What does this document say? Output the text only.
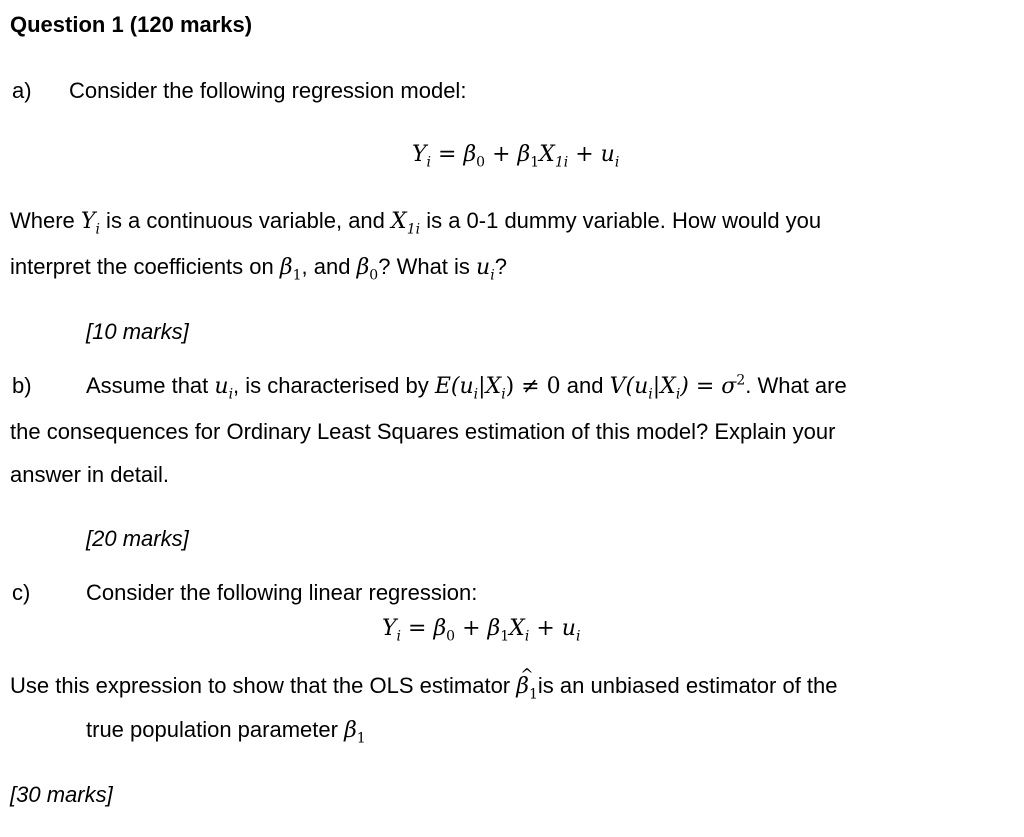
Question 1 (120 marks)
a) Consider the following regression model:
$Y_i = \beta_0 + \beta_1X_{1i} + u_i$
Where $Y_i$ is a continuous variable, and $X_{1i}$ is a 0-1 dummy variable. How would you
interpret the coefficients on $\beta_1$, and $\beta_0$? What is $u_i$?
[10 marks]
b) Assume that $u_i$, is characterised by $E(u_i|X_i) \ne 0$ and $V(u_i|X_i) = \sigma^2$. What are
the consequences for Ordinary Least Squares estimation of this model? Explain your
answer in detail.
[20 marks]
c)	Consider the following linear regression:
$Y_i = \beta_0 + \beta_1X_i + u_i$
Use this expression to show that the OLS estimator ^ $\beta_1is$ an unbiased estimator of the
true population parameter $\beta_1$
[30 marks]
